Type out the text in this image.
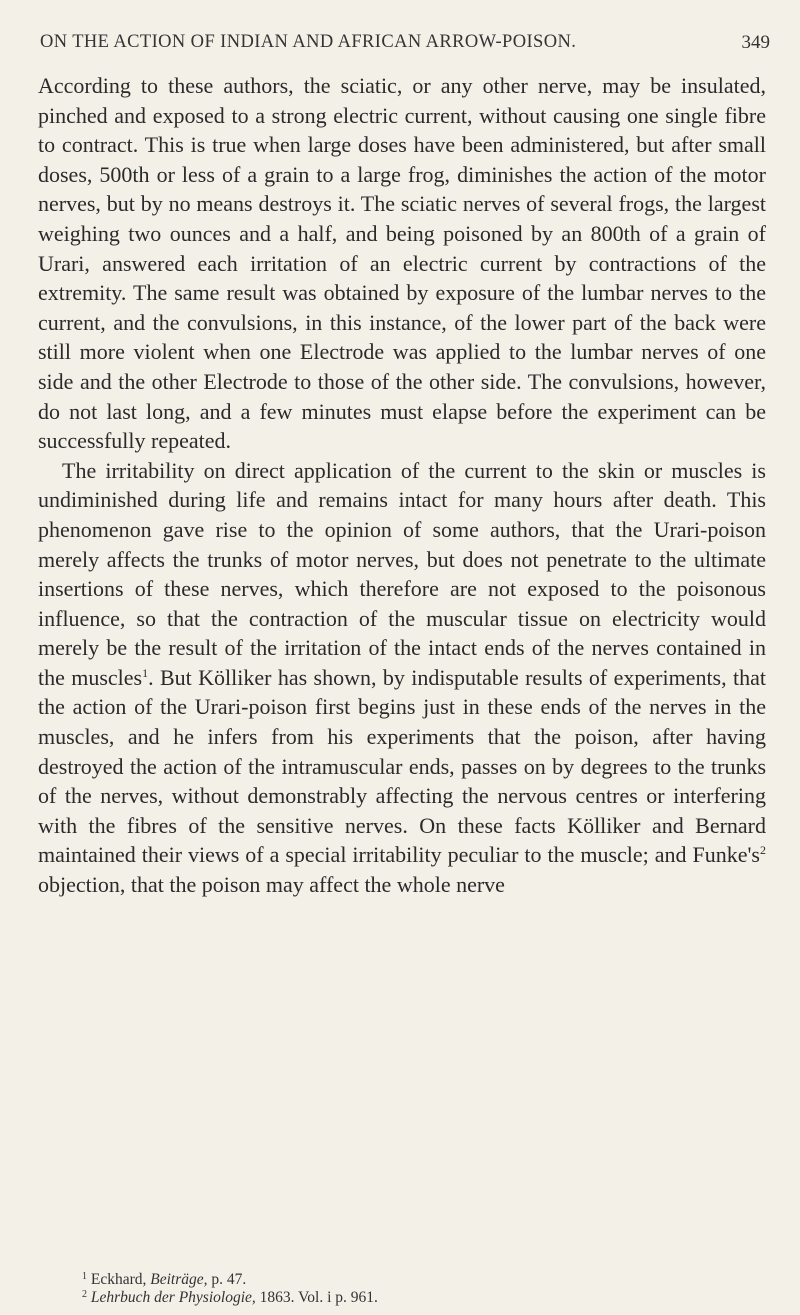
ON THE ACTION OF INDIAN AND AFRICAN ARROW-POISON.	349

According to these authors, the sciatic, or any other nerve, may be insulated, pinched and exposed to a strong electric current, without causing one single fibre to contract. This is true when large doses have been administered, but after small doses, 500th or less of a grain to a large frog, diminishes the action of the motor nerves, but by no means destroys it. The sciatic nerves of several frogs, the largest weighing two ounces and a half, and being poisoned by an 800th of a grain of Urari, answered each irritation of an electric current by contractions of the extremity. The same result was obtained by exposure of the lumbar nerves to the current, and the convulsions, in this instance, of the lower part of the back were still more violent when one Electrode was applied to the lumbar nerves of one side and the other Electrode to those of the other side. The convulsions, however, do not last long, and a few minutes must elapse before the experiment can be successfully repeated.

The irritability on direct application of the current to the skin or muscles is undiminished during life and remains intact for many hours after death. This phenomenon gave rise to the opinion of some authors, that the Urari-poison merely affects the trunks of motor nerves, but does not penetrate to the ultimate insertions of these nerves, which therefore are not exposed to the poisonous influence, so that the contraction of the muscular tissue on electricity would merely be the result of the irritation of the intact ends of the nerves contained in the muscles$^1$. But Kölliker has shown, by indisputable results of experiments, that the action of the Urari-poison first begins just in these ends of the nerves in the muscles, and he infers from his experiments that the poison, after having destroyed the action of the intramuscular ends, passes on by degrees to the trunks of the nerves, without demonstrably affecting the nervous centres or interfering with the fibres of the sensitive nerves. On these facts Kölliker and Bernard maintained their views of a special irritability peculiar to the muscle; and $Funke's^2$ objection, that the poison may affect the whole nerve

$^1$ Eckhard, Beiträge, p. 47.

$^2$ Lehrbuch der Physiologie, 1863. Vol. i p. 961.
